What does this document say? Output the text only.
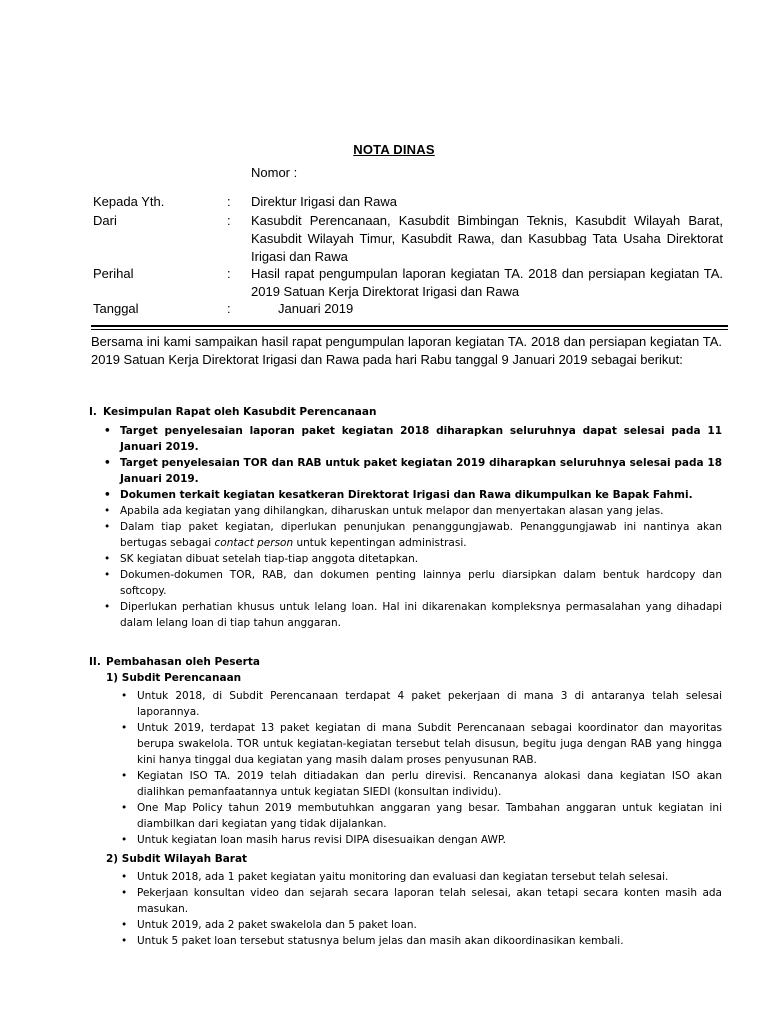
NOTA DINAS
Nomor :
Kepada Yth.	: Direktur Irigasi dan Rawa
Dari	: Kasubdit Perencanaan, Kasubdit Bimbingan Teknis, Kasubdit Wilayah Barat, Kasubdit Wilayah Timur, Kasubdit Rawa, dan Kasubbag Tata Usaha Direktorat Irigasi dan Rawa
Perihal	: Hasil rapat pengumpulan laporan kegiatan TA. 2018 dan persiapan kegiatan TA. 2019 Satuan Kerja Direktorat Irigasi dan Rawa
Tanggal	:	Januari 2019
Bersama ini kami sampaikan hasil rapat pengumpulan laporan kegiatan TA. 2018 dan persiapan kegiatan TA. 2019 Satuan Kerja Direktorat Irigasi dan Rawa pada hari Rabu tanggal 9 Januari 2019 sebagai berikut:
I. Kesimpulan Rapat oleh Kasubdit Perencanaan
• Target penyelesaian laporan paket kegiatan 2018 diharapkan seluruhnya dapat selesai pada 11 Januari 2019.
• Target penyelesaian TOR dan RAB untuk paket kegiatan 2019 diharapkan seluruhnya selesai pada 18 Januari 2019.
• Dokumen terkait kegiatan kesatkeran Direktorat Irigasi dan Rawa dikumpulkan ke Bapak Fahmi.
• Apabila ada kegiatan yang dihilangkan, diharuskan untuk melapor dan menyertakan alasan yang jelas.
• Dalam tiap paket kegiatan, diperlukan penunjukan penanggungjawab. Penanggungjawab ini nantinya akan bertugas sebagai contact person untuk kepentingan administrasi.
• SK kegiatan dibuat setelah tiap-tiap anggota ditetapkan.
• Dokumen-dokumen TOR, RAB, dan dokumen penting lainnya perlu diarsipkan dalam bentuk hardcopy dan softcopy.
• Diperlukan perhatian khusus untuk lelang loan. Hal ini dikarenakan kompleksnya permasalahan yang dihadapi dalam lelang loan di tiap tahun anggaran.
II. Pembahasan oleh Peserta
1) Subdit Perencanaan
• Untuk 2018, di Subdit Perencanaan terdapat 4 paket pekerjaan di mana 3 di antaranya telah selesai laporannya.
• Untuk 2019, terdapat 13 paket kegiatan di mana Subdit Perencanaan sebagai koordinator dan mayoritas berupa swakelola. TOR untuk kegiatan-kegiatan tersebut telah disusun, begitu juga dengan RAB yang hingga kini hanya tinggal dua kegiatan yang masih dalam proses penyusunan RAB.
• Kegiatan ISO TA. 2019 telah ditiadakan dan perlu direvisi. Rencananya alokasi dana kegiatan ISO akan dialihkan pemanfaatannya untuk kegiatan SIEDI (konsultan individu).
• One Map Policy tahun 2019 membutuhkan anggaran yang besar. Tambahan anggaran untuk kegiatan ini diambilkan dari kegiatan yang tidak dijalankan.
• Untuk kegiatan loan masih harus revisi DIPA disesuaikan dengan AWP.
2) Subdit Wilayah Barat
• Untuk 2018, ada 1 paket kegiatan yaitu monitoring dan evaluasi dan kegiatan tersebut telah selesai.
• Pekerjaan konsultan video dan sejarah secara laporan telah selesai, akan tetapi secara konten masih ada masukan.
• Untuk 2019, ada 2 paket swakelola dan 5 paket loan.
• Untuk 5 paket loan tersebut statusnya belum jelas dan masih akan dikoordinasikan kembali.
